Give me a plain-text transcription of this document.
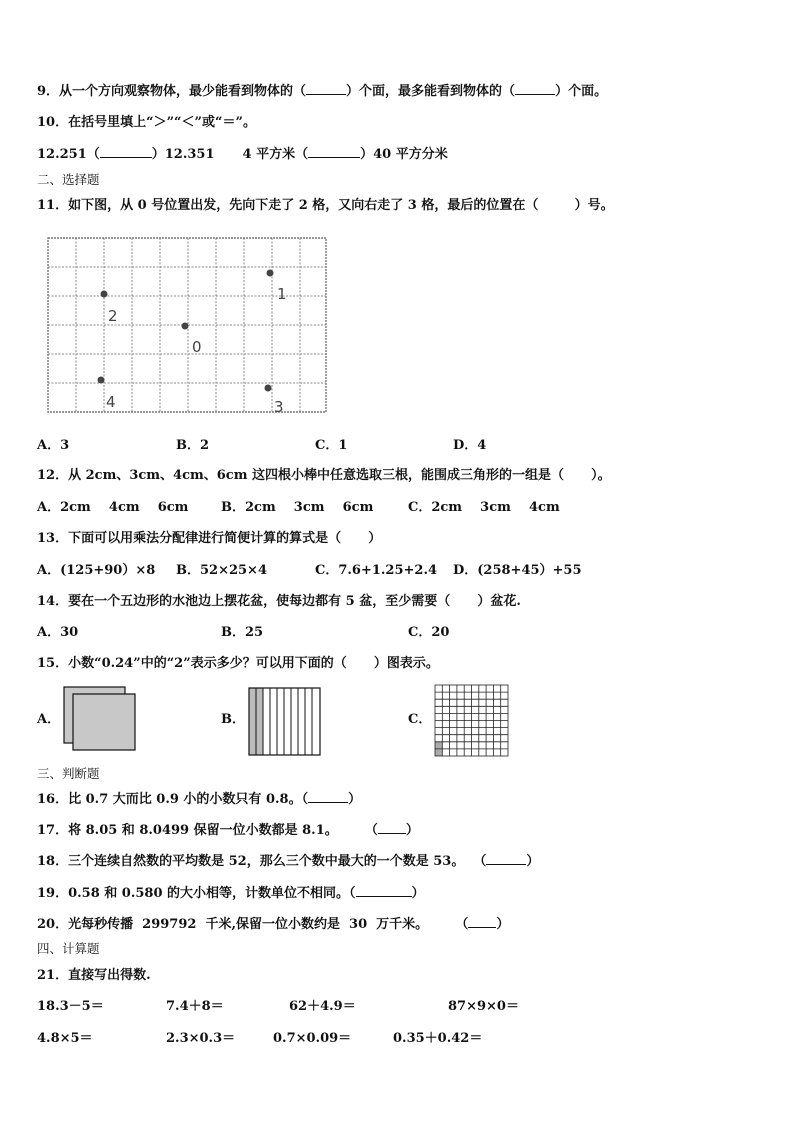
9．从一个方向观察物体，最少能看到物体的（	）个面，最多能看到物体的（	）个面。
10．在括号里填上“＞”“＜”或“＝”。
12.251（	）12.351 4 平方米（	）40 平方分米
二、选择题
11．如下图，从 0 号位置出发，先向下走了 2 格，又向右走了 3 格，最后的位置在（        ）号。
0
1
2
3
4
A．3	B．2	C．1	D．4
12．从 2cm、3cm、4cm、6cm 这四根小棒中任意选取三根，能围成三角形的一组是（      ）。
A．2cm    4cm    6cm	B．2cm    3cm    6cm	C．2cm    3cm    4cm
13．下面可以用乘法分配律进行简便计算的算式是（      ）
A．(125+90）×8 B．52×25×4	C．7.6+1.25+2.4 D．(258+45）+55
14．要在一个五边形的水池边上摆花盆，使每边都有 5 盆，至少需要（      ）盆花.
A．30	B．25	C．20
15．小数“0.24”中的“2”表示多少？可以用下面的（      ）图表示。
A．	B．	C．
三、判断题
16．比 0.7 大而比 0.9 小的小数只有 0.8。（	）
17．将 8.05 和 8.0499 保留一位小数都是 8.1。      （ ）
18．三个连续自然数的平均数是 52，那么三个数中最大的一个数是 53。  （	）
19．0.58 和 0.580 的大小相等，计数单位不相同。（	）
20．光每秒传播  299792  千米,保留一位小数约是  30  万千米。      （ ）
四、计算题
21．直接写出得数.
18.3－5＝	7.4＋8＝	62＋4.9＝	87×9×0＝
4.8×5＝	2.3×0.3＝	0.7×0.09＝	0.35＋0.42＝
